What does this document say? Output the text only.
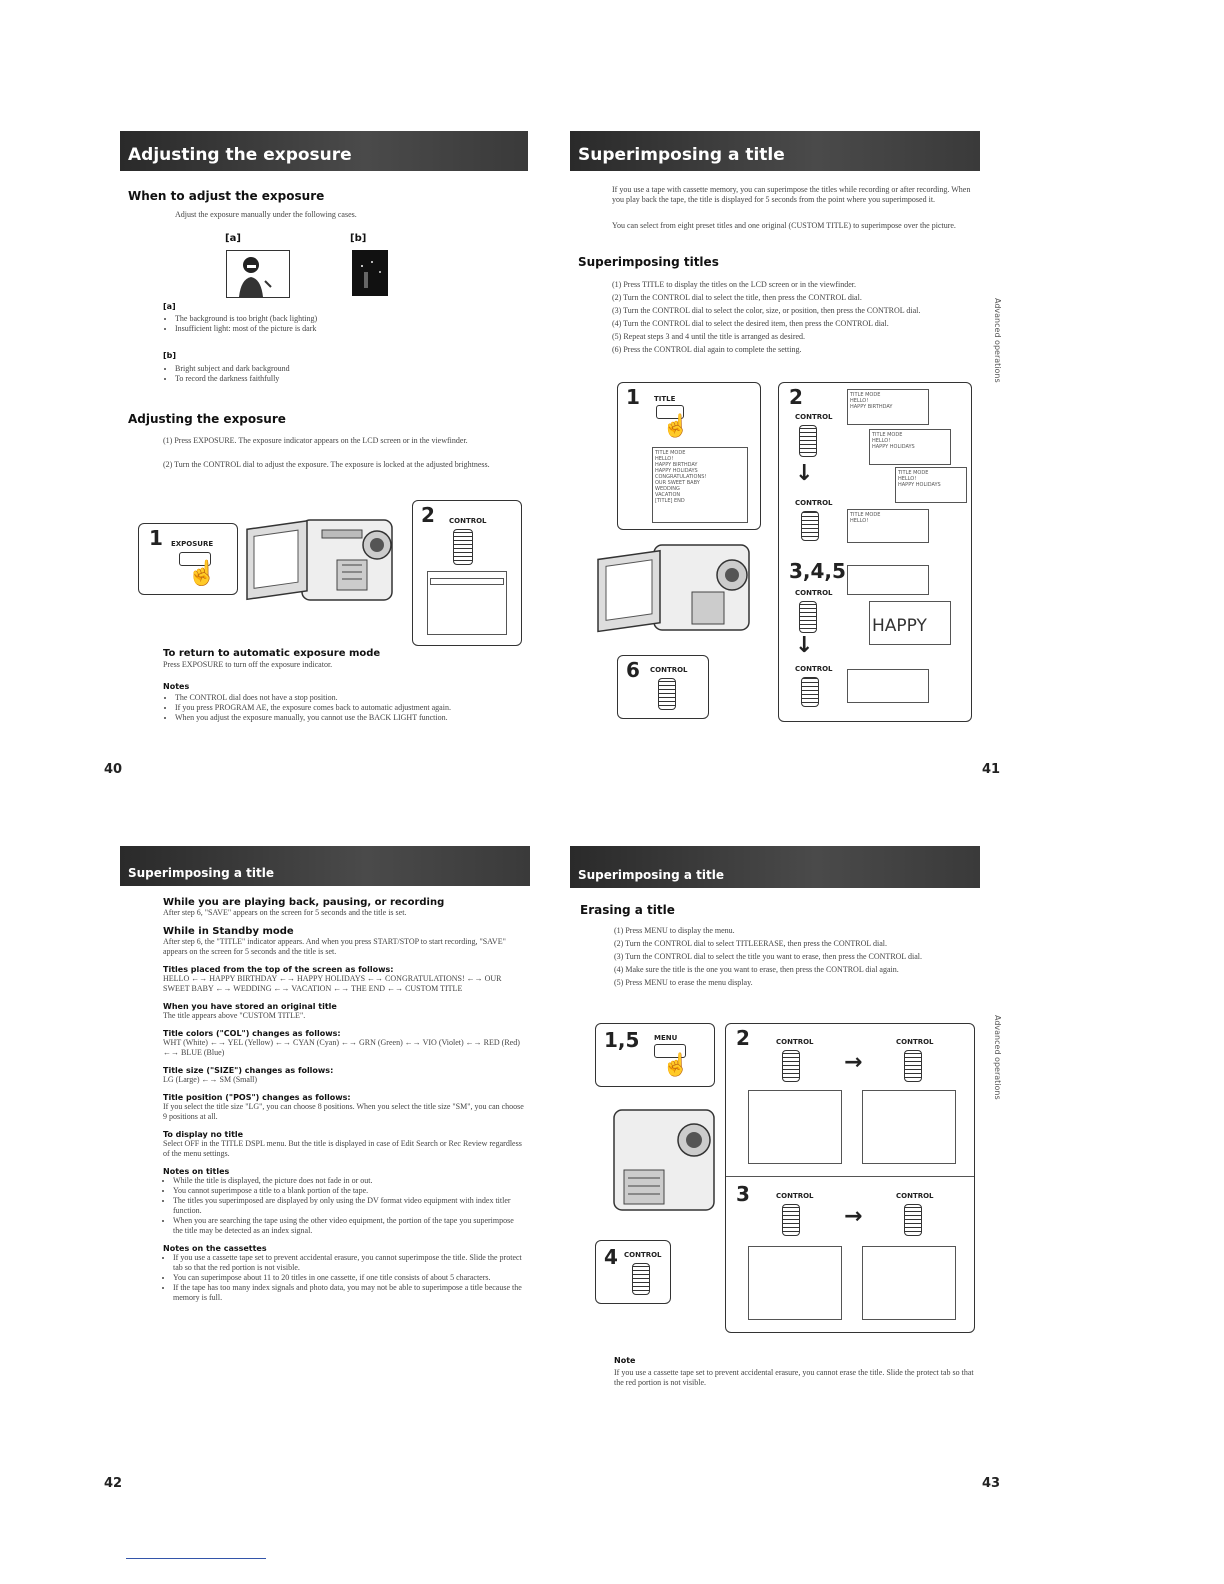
Adjusting the exposure
When to adjust the exposure
Adjust the exposure manually under the following cases.
[a]	[b]
[a]
• The background is too bright (back lighting)
• Insufficient light: most of the picture is dark
[b]
• Bright subject and dark background
• To record the darkness faithfully
Adjusting the exposure
(1) Press EXPOSURE. The exposure indicator appears on the LCD screen or in the viewfinder.
(2) Turn the CONTROL dial to adjust the exposure. The exposure is locked at the adjusted brightness.
1 EXPOSURE
☝
2 CONTROL
To return to automatic exposure mode
Press EXPOSURE to turn off the exposure indicator.
Notes
• The CONTROL dial does not have a stop position.
• If you press PROGRAM AE, the exposure comes back to automatic adjustment again.
• When you adjust the exposure manually, you cannot use the BACK LIGHT function.
40
Superimposing a title
If you use a tape with cassette memory, you can superimpose the titles while recording or after recording. When you play back the tape, the title is displayed for 5 seconds from the point where you superimposed it.
You can select from eight preset titles and one original (CUSTOM TITLE) to superimpose over the picture.
Superimposing titles
(1) Press TITLE to display the titles on the LCD screen or in the viewfinder.
(2) Turn the CONTROL dial to select the title, then press the CONTROL dial.
(3) Turn the CONTROL dial to select the color, size, or position, then press the CONTROL dial.
(4) Turn the CONTROL dial to select the desired item, then press the CONTROL dial.
(5) Repeat steps 3 and 4 until the title is arranged as desired.
(6) Press the CONTROL dial again to complete the setting.	Advanced operations
1 TITLE
☝
TITLE MODE
HELLO!
HAPPY BIRTHDAY
HAPPY HOLIDAYS
CONGRATULATIONS!
OUR SWEET BABY
WEDDING
VACATION
[TITLE] END
6 CONTROL
2
CONTROL
TITLE MODE
HELLO!
HAPPY BIRTHDAY
TITLE MODE
HELLO!
HAPPY HOLIDAYS
↓	TITLE MODE
HELLO!
HAPPY HOLIDAYS
CONTROL
TITLE MODE
HELLO!
3,4,5
CONTROL
HAPPY
↓
CONTROL
41
Superimposing a title
While you are playing back, pausing, or recording
After step 6, "SAVE" appears on the screen for 5 seconds and the title is set.
While in Standby mode
After step 6, the "TITLE" indicator appears. And when you press START/STOP to start recording, "SAVE" appears on the screen for 5 seconds and the title is set.
Titles placed from the top of the screen as follows:
HELLO ←→ HAPPY BIRTHDAY ←→ HAPPY HOLIDAYS ←→ CONGRATULATIONS! ←→ OUR SWEET BABY ←→ WEDDING ←→ VACATION ←→ THE END ←→ CUSTOM TITLE
When you have stored an original title
The title appears above "CUSTOM TITLE".
Title colors ("COL") changes as follows:
WHT (White) ←→ YEL (Yellow) ←→ CYAN (Cyan) ←→ GRN (Green) ←→ VIO (Violet) ←→ RED (Red) ←→ BLUE (Blue)
Title size ("SIZE") changes as follows:
LG (Large) ←→ SM (Small)
Title position ("POS") changes as follows:
If you select the title size "LG", you can choose 8 positions. When you select the title size "SM", you can choose 9 positions at all.
To display no title
Select OFF in the TITLE DSPL menu. But the title is displayed in case of Edit Search or Rec Review regardless of the menu settings.
Notes on titles
• While the title is displayed, the picture does not fade in or out.
• You cannot superimpose a title to a blank portion of the tape.
• The titles you superimposed are displayed by only using the DV format video equipment with index titler function.
• When you are searching the tape using the other video equipment, the portion of the tape you superimpose the title may be detected as an index signal.
Notes on the cassettes
• If you use a cassette tape set to prevent accidental erasure, you cannot superimpose the title. Slide the protect tab so that the red portion is not visible.
• You can superimpose about 11 to 20 titles in one cassette, if one title consists of about 5 characters.
• If the tape has too many index signals and photo data, you may not be able to superimpose a title because the memory is full.
42
Superimposing a title
Erasing a title
(1) Press MENU to display the menu.
(2) Turn the CONTROL dial to select TITLEERASE, then press the CONTROL dial.
(3) Turn the CONTROL dial to select the title you want to erase, then press the CONTROL dial.
(4) Make sure the title is the one you want to erase, then press the CONTROL dial again.
(5) Press MENU to erase the menu display.
Advanced operations
1,5 MENU
☝
4 CONTROL
2	CONTROL
→
CONTROL
3	CONTROL
→
CONTROL
Note
If you use a cassette tape set to prevent accidental erasure, you cannot erase the title. Slide the protect tab so that the red portion is not visible.
43
